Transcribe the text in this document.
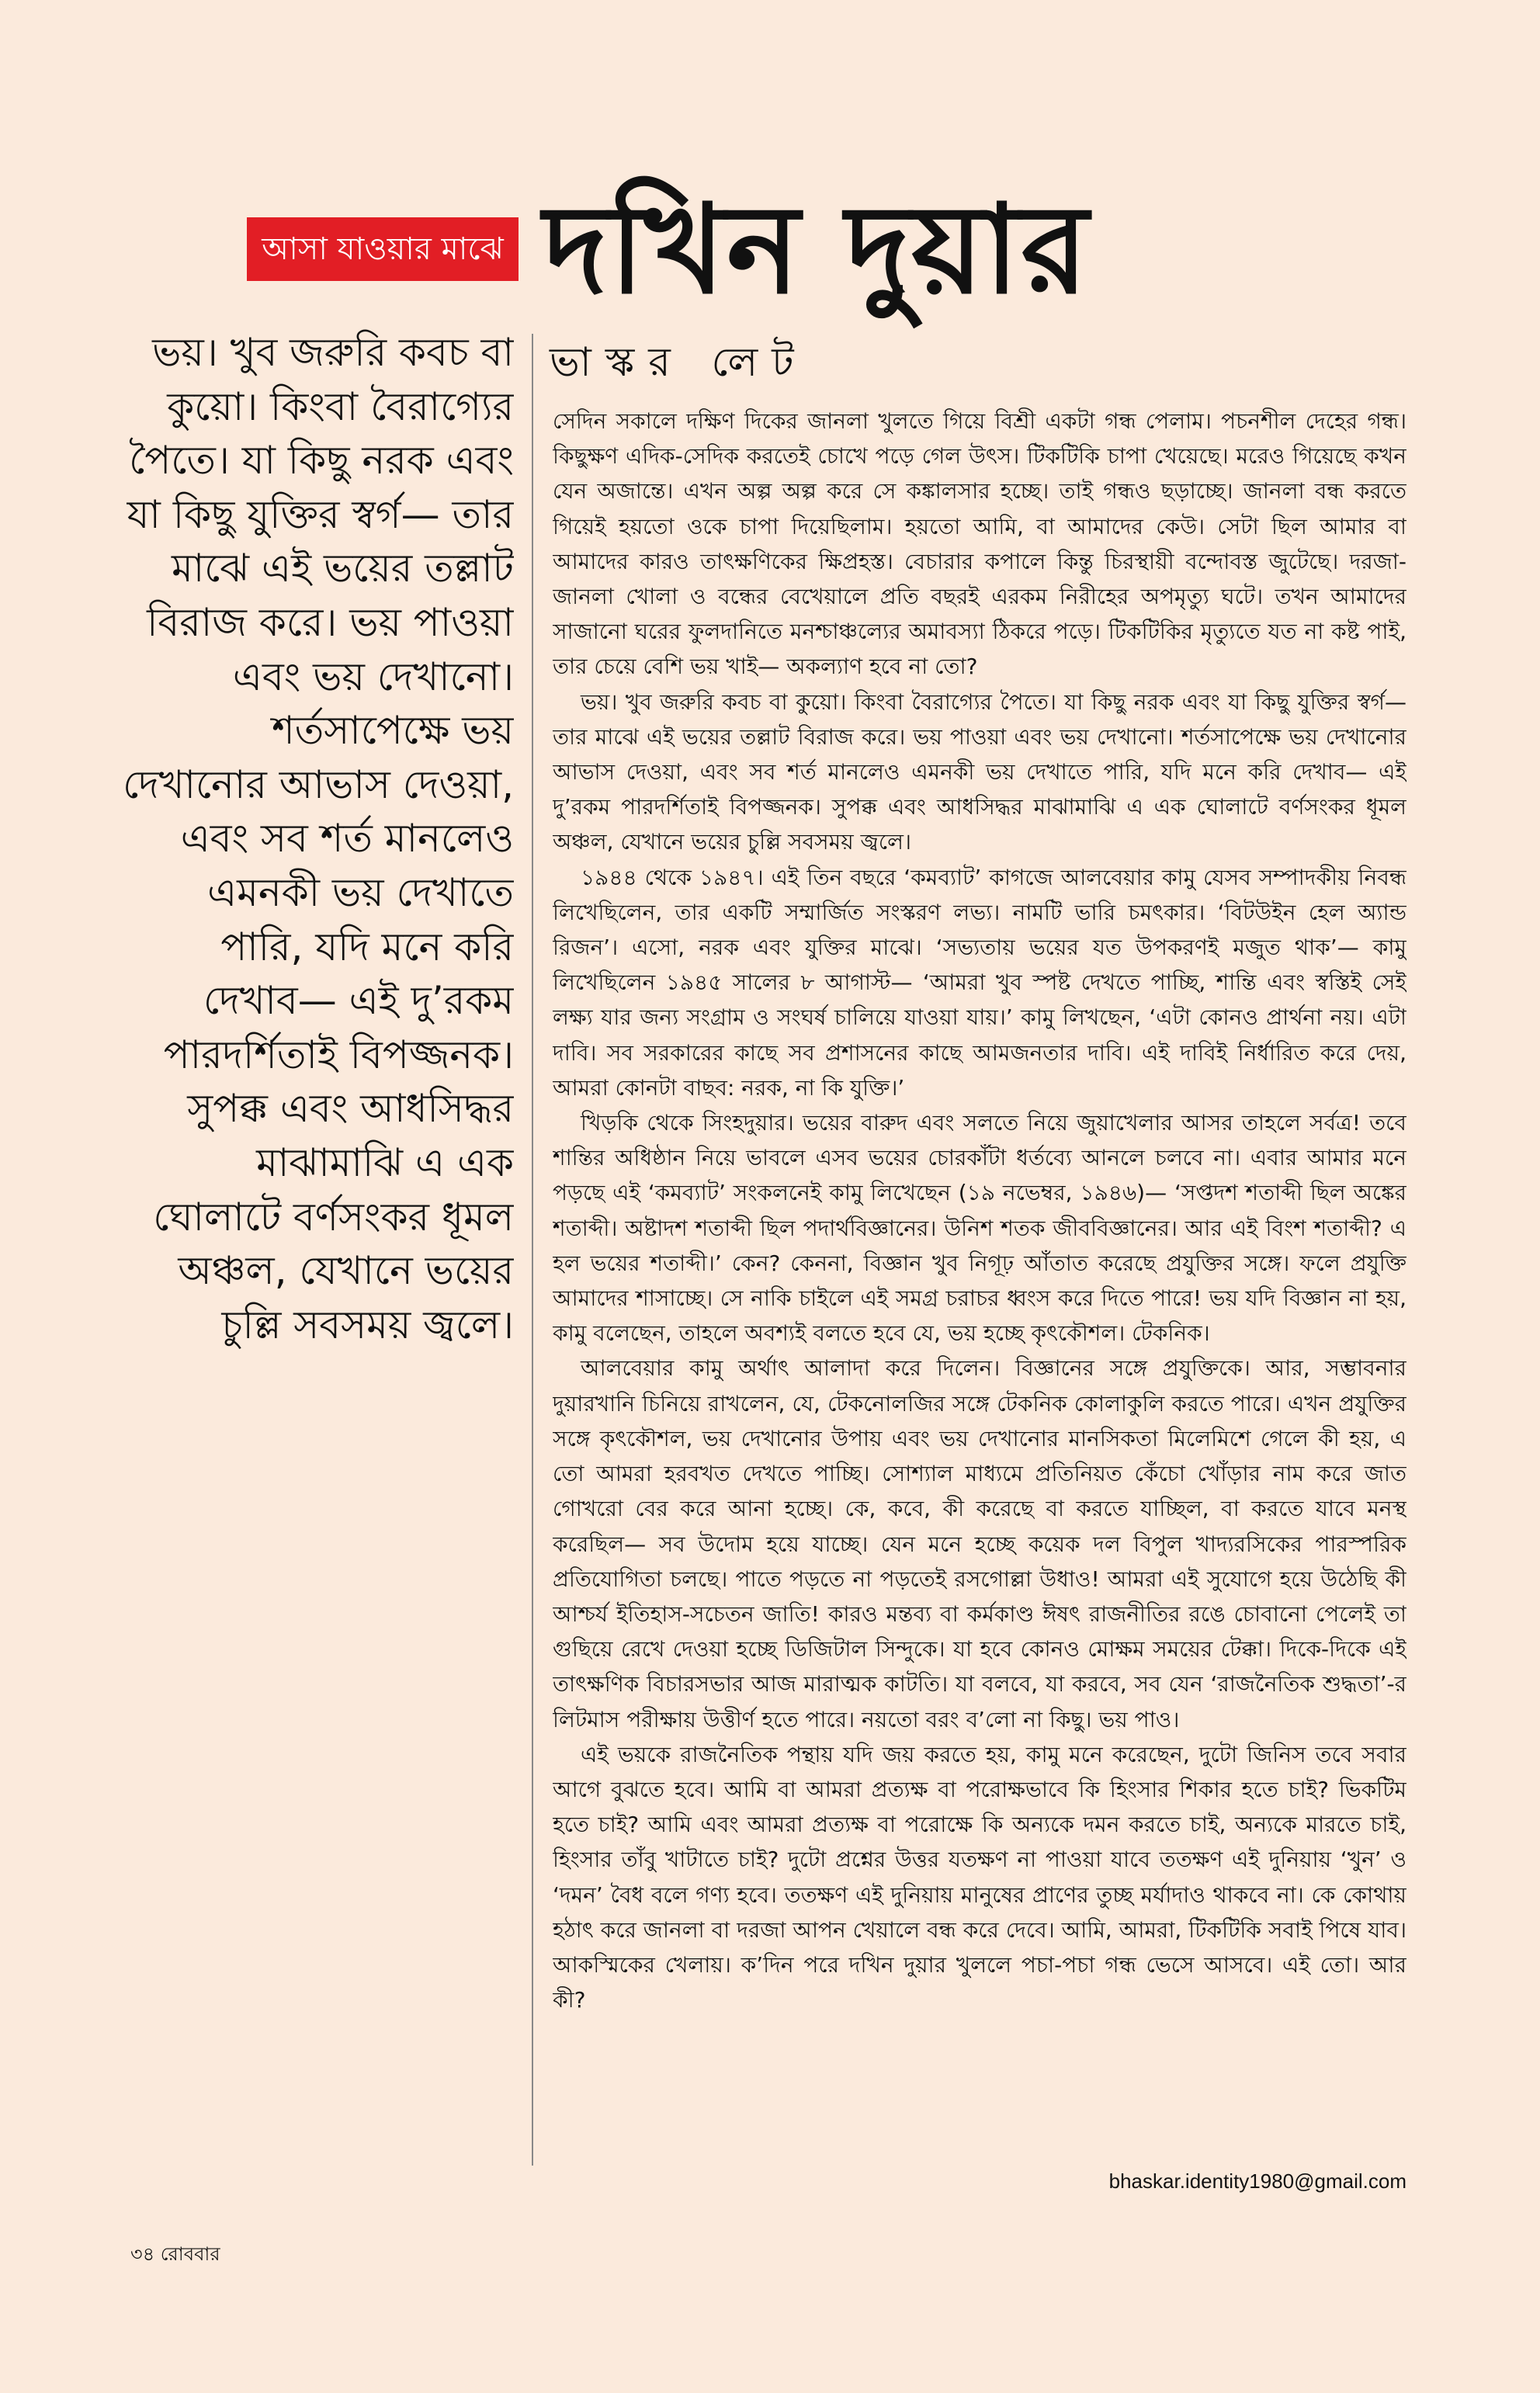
আসা যাওয়ার মাঝে দখিন দুয়ার
ভাস্কর লেট

ভয়। খুব জরুরি কবচ বা কুয়ো। কিংবা বৈরাগ্যের পৈতে। যা কিছু নরক এবং যা কিছু যুক্তির স্বর্গ— তার মাঝে এই ভয়ের তল্লাট বিরাজ করে। ভয় পাওয়া এবং ভয় দেখানো। শর্তসাপেক্ষে ভয় দেখানোর আভাস দেওয়া, এবং সব শর্ত মানলেও এমনকী ভয় দেখাতে পারি, যদি মনে করি দেখাব— এই দু’রকম পারদর্শিতাই বিপজ্জনক। সুপক্ক এবং আধসিদ্ধর মাঝামাঝি এ এক ঘোলাটে বর্ণসংকর ধূমল অঞ্চল, যেখানে ভয়ের চুল্লি সবসময় জ্বলে।

সেদিন সকালে দক্ষিণ দিকের জানলা খুলতে গিয়ে বিশ্রী একটা গন্ধ পেলাম। পচনশীল দেহের গন্ধ। কিছুক্ষণ এদিক-সেদিক করতেই চোখে পড়ে গেল উৎস। টিকটিকি চাপা খেয়েছে। মরেও গিয়েছে কখন যেন অজান্তে। এখন অল্প অল্প করে সে কঙ্কালসার হচ্ছে। তাই গন্ধও ছড়াচ্ছে। জানলা বন্ধ করতে গিয়েই হয়তো ওকে চাপা দিয়েছিলাম। হয়তো আমি, বা আমাদের কেউ। সেটা ছিল আমার বা আমাদের কারও তাৎক্ষণিকের ক্ষিপ্রহস্ত। বেচারার কপালে কিন্তু চিরস্থায়ী বন্দোবস্ত জুটেছে। দরজা-জানলা খোলা ও বন্ধের বেখেয়ালে প্রতি বছরই এরকম নিরীহের অপমৃত্যু ঘটে। তখন আমাদের সাজানো ঘরের ফুলদানিতে মনশ্চাঞ্চল্যের অমাবস্যা ঠিকরে পড়ে। টিকটিকির মৃত্যুতে যত না কষ্ট পাই, তার চেয়ে বেশি ভয় খাই— অকল্যাণ হবে না তো?

ভয়। খুব জরুরি কবচ বা কুয়ো। কিংবা বৈরাগ্যের পৈতে। যা কিছু নরক এবং যা কিছু যুক্তির স্বর্গ— তার মাঝে এই ভয়ের তল্লাট বিরাজ করে। ভয় পাওয়া এবং ভয় দেখানো। শর্তসাপেক্ষে ভয় দেখানোর আভাস দেওয়া, এবং সব শর্ত মানলেও এমনকী ভয় দেখাতে পারি, যদি মনে করি দেখাব— এই দু’রকম পারদর্শিতাই বিপজ্জনক। সুপক্ক এবং আধসিদ্ধর মাঝামাঝি এ এক ঘোলাটে বর্ণসংকর ধূমল অঞ্চল, যেখানে ভয়ের চুল্লি সবসময় জ্বলে।

১৯৪৪ থেকে ১৯৪৭। এই তিন বছরে ‘কমব্যাট’ কাগজে আলবেয়ার কামু যেসব সম্পাদকীয় নিবন্ধ লিখেছিলেন, তার একটি সম্মার্জিত সংস্করণ লভ্য। নামটি ভারি চমৎকার। ‘বিটউইন হেল অ্যান্ড রিজন’। এসো, নরক এবং যুক্তির মাঝে। ‘সভ্যতায় ভয়ের যত উপকরণই মজুত থাক’— কামু লিখেছিলেন ১৯৪৫ সালের ৮ আগাস্ট— ‘আমরা খুব স্পষ্ট দেখতে পাচ্ছি, শান্তি এবং স্বস্তিই সেই লক্ষ্য যার জন্য সংগ্রাম ও সংঘর্ষ চালিয়ে যাওয়া যায়।’ কামু লিখছেন, ‘এটা কোনও প্রার্থনা নয়। এটা দাবি। সব সরকারের কাছে সব প্রশাসনের কাছে আমজনতার দাবি। এই দাবিই নির্ধারিত করে দেয়, আমরা কোনটা বাছব: নরক, না কি যুক্তি।’

খিড়কি থেকে সিংহদুয়ার। ভয়ের বারুদ এবং সলতে নিয়ে জুয়াখেলার আসর তাহলে সর্বত্র! তবে শান্তির অধিষ্ঠান নিয়ে ভাবলে এসব ভয়ের চোরকাঁটা ধর্তব্যে আনলে চলবে না। এবার আমার মনে পড়ছে এই ‘কমব্যাট’ সংকলনেই কামু লিখেছেন (১৯ নভেম্বর, ১৯৪৬)— ‘সপ্তদশ শতাব্দী ছিল অঙ্কের শতাব্দী। অষ্টাদশ শতাব্দী ছিল পদার্থবিজ্ঞানের। উনিশ শতক জীববিজ্ঞানের। আর এই বিংশ শতাব্দী? এ হল ভয়ের শতাব্দী।’ কেন? কেননা, বিজ্ঞান খুব নিগূঢ় আঁতাত করেছে প্রযুক্তির সঙ্গে। ফলে প্রযুক্তি আমাদের শাসাচ্ছে। সে নাকি চাইলে এই সমগ্র চরাচর ধ্বংস করে দিতে পারে! ভয় যদি বিজ্ঞান না হয়, কামু বলেছেন, তাহলে অবশ্যই বলতে হবে যে, ভয় হচ্ছে কৃৎকৌশল। টেকনিক।

আলবেয়ার কামু অর্থাৎ আলাদা করে দিলেন। বিজ্ঞানের সঙ্গে প্রযুক্তিকে। আর, সম্ভাবনার দুয়ারখানি চিনিয়ে রাখলেন, যে, টেকনোলজির সঙ্গে টেকনিক কোলাকুলি করতে পারে। এখন প্রযুক্তির সঙ্গে কৃৎকৌশল, ভয় দেখানোর উপায় এবং ভয় দেখানোর মানসিকতা মিলেমিশে গেলে কী হয়, এ তো আমরা হরবখত দেখতে পাচ্ছি। সোশ্যাল মাধ্যমে প্রতিনিয়ত কেঁচো খোঁড়ার নাম করে জাত গোখরো বের করে আনা হচ্ছে। কে, কবে, কী করেছে বা করতে যাচ্ছিল, বা করতে যাবে মনস্থ করেছিল— সব উদোম হয়ে যাচ্ছে। যেন মনে হচ্ছে কয়েক দল বিপুল খাদ্যরসিকের পারস্পরিক প্রতিযোগিতা চলছে। পাতে পড়তে না পড়তেই রসগোল্লা উধাও! আমরা এই সুযোগে হয়ে উঠেছি কী আশ্চর্য ইতিহাস-সচেতন জাতি! কারও মন্তব্য বা কর্মকাণ্ড ঈষৎ রাজনীতির রঙে চোবানো পেলেই তা গুছিয়ে রেখে দেওয়া হচ্ছে ডিজিটাল সিন্দুকে। যা হবে কোনও মোক্ষম সময়ের টেক্কা। দিকে-দিকে এই তাৎক্ষণিক বিচারসভার আজ মারাত্মক কাটতি। যা বলবে, যা করবে, সব যেন ‘রাজনৈতিক শুদ্ধতা’-র লিটমাস পরীক্ষায় উত্তীর্ণ হতে পারে। নয়তো বরং ব’লো না কিছু। ভয় পাও।

এই ভয়কে রাজনৈতিক পন্থায় যদি জয় করতে হয়, কামু মনে করেছেন, দুটো জিনিস তবে সবার আগে বুঝতে হবে। আমি বা আমরা প্রত্যক্ষ বা পরোক্ষভাবে কি হিংসার শিকার হতে চাই? ভিকটিম হতে চাই? আমি এবং আমরা প্রত্যক্ষ বা পরোক্ষে কি অন্যকে দমন করতে চাই, অন্যকে মারতে চাই, হিংসার তাঁবু খাটাতে চাই? দুটো প্রশ্নের উত্তর যতক্ষণ না পাওয়া যাবে ততক্ষণ এই দুনিয়ায় ‘খুন’ ও ‘দমন’ বৈধ বলে গণ্য হবে। ততক্ষণ এই দুনিয়ায় মানুষের প্রাণের তুচ্ছ মর্যাদাও থাকবে না। কে কোথায় হঠাৎ করে জানলা বা দরজা আপন খেয়ালে বন্ধ করে দেবে। আমি, আমরা, টিকটিকি সবাই পিষে যাব। আকস্মিকের খেলায়। ক’দিন পরে দখিন দুয়ার খুললে পচা-পচা গন্ধ ভেসে আসবে। এই তো। আর কী?

bhaskar.identity1980@gmail.com
৩৪ রোববার
